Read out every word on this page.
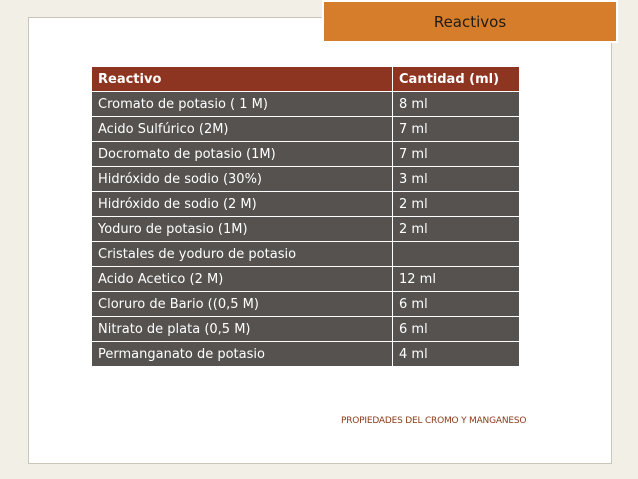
Reactivos
Reactivo	Cantidad (ml)
Cromato de potasio ( 1 M)	8 ml
Acido Sulfúrico (2M)	7 ml
Docromato de potasio (1M)	7 ml
Hidróxido de sodio (30%)	3 ml
Hidróxido de sodio (2 M)	2 ml
Yoduro de potasio (1M)	2 ml
Cristales de yoduro de potasio	
Acido Acetico (2 M)	12 ml
Cloruro de Bario ((0,5 M)	6 ml
Nitrato de plata (0,5 M)	6 ml
Permanganato de potasio	4 ml
PROPIEDADES DEL CROMO Y MANGANESO
